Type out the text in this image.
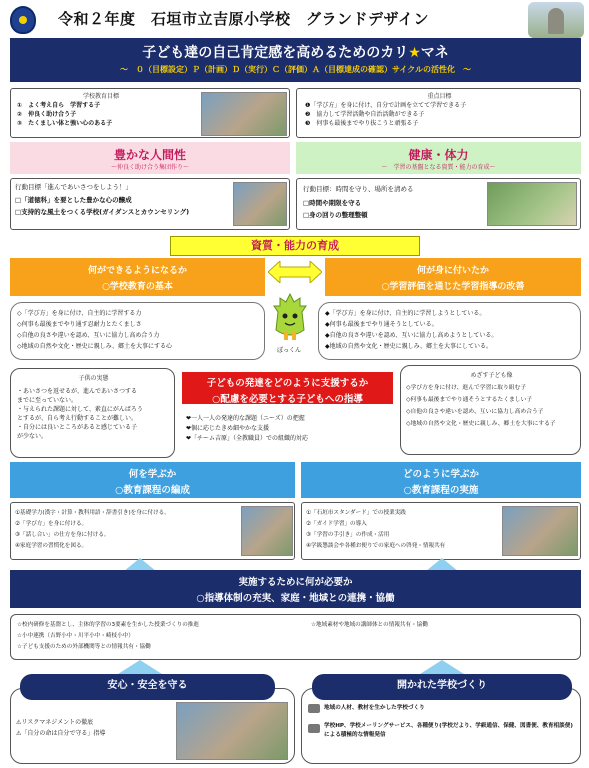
令和２年度　石垣市立吉原小学校　グランドデザイン
子ども達の自己肯定感を高めるためのカリ★マネ
～　０（目標設定）Ｐ（計画）Ｄ（実行）Ｃ（評価）Ａ（目標達成の確認）サイクルの活性化　～
学校教育目標
①　よく考え自ら　学習する子
②　仲良く助け合う子
③　たくましい体と強い心のある子
重点目標
❶「学び方」を身に付け、自分で計画を立てて学習できる子
❷　協力して学習活動や自治活動ができる子
❸　何事も最後までやり抜こうと頑張る子
豊かな人間性
～仲良く助け合う集団作り～
健康・体力
～　学習の基盤となる資質・能力の育成～
行動目標「進んであいさつをしよう！」
□「道徳科」を要とした豊かな心の醸成
□支持的な風土をつくる学校(ガイダンスとカウンセリング)
行動目標：時間を守り、場所を清める
□時間や期限を守る
□身の回りの整理整頓
資質・能力の育成
何ができるようになるか
○学校教育の基本
何が身に付いたか
○学習評価を通じた学習指導の改善
◇「学び方」を身に付け、自主的に学習する力
◇何事も最後までやり通す忍耐力とたくましさ
◇自他の良さや違いを認め、互いに協力し高め合う力
◇地域の自然や文化・歴史に親しみ、郷土を大事にする心
◆「学び方」を身に付け、自主的に学習しようとしている。
◆何事も最後までやり通そうとしている。
◆自他の良さや違いを認め、互いに協力し高めようとしている。
◆地域の自然や文化・歴史に親しみ、郷土を大事にしている。
ぽっくん
子供の実態
・あいさつを返せるが、進んであいさつする
までに至っていない。
・与えられた課題に対して、素直にがんばろう
とするが、自ら考え行動することが難しい。
・自分には良いところがあると感じている子
が少ない。
子どもの発達をどのように支援するか
○配慮を必要とする子どもへの指導
❤一人一人の発達的な課題（ニーズ）の把握
❤個に応じたきめ細やかな支援
❤「チーム吉原」（全教職員）での組織的対応
めざす子ども像
◇学び方を身に付け、進んで学習に取り組む子
◇何事も最後までやり通そうとするたくましい子
◇自他の良さや違いを認め、互いに協力し高め合う子
◇地域の自然や文化・歴史に親しみ、郷土を大事にする子
何を学ぶか
○教育課程の編成
どのように学ぶか
○教育課程の実施
①基礎学力(漢字・計算・教科用語・辞書引き)を身に付ける。
②「学び方」を身に付ける。
③「話し合い」の仕方を身に付ける。
④家庭学習の習慣化を図る。
①「石垣市スタンダード」での授業実践
②「ガイド学習」の導入
③「学習の手引き」の作成・活用
④学級懇談会や各種お便りでの家庭への啓発・情報共有
実施するために何が必要か
○指導体制の充実、家庭・地域との連携・協働
☆校内研修を基盤とし、主体的学習の3要素を生かした授業づくりの推進
☆小中連携（吉野小中・川平小中・崎枝小中）
☆子ども支援のための外部機関等との情報共有・協働
☆地域素材や地域の講師体との情報共有・協働
安心・安全を守る
⚠リスクマネジメントの徹底
⚠「自分の命は自分で守る」指導
開かれた学校づくり
地域の人材、教材を生かした学校づくり
学校HP、学校メーリングサービス、各種便り(学校だより、学級通信、保健、図書便、教育相談便)による積極的な情報発信
